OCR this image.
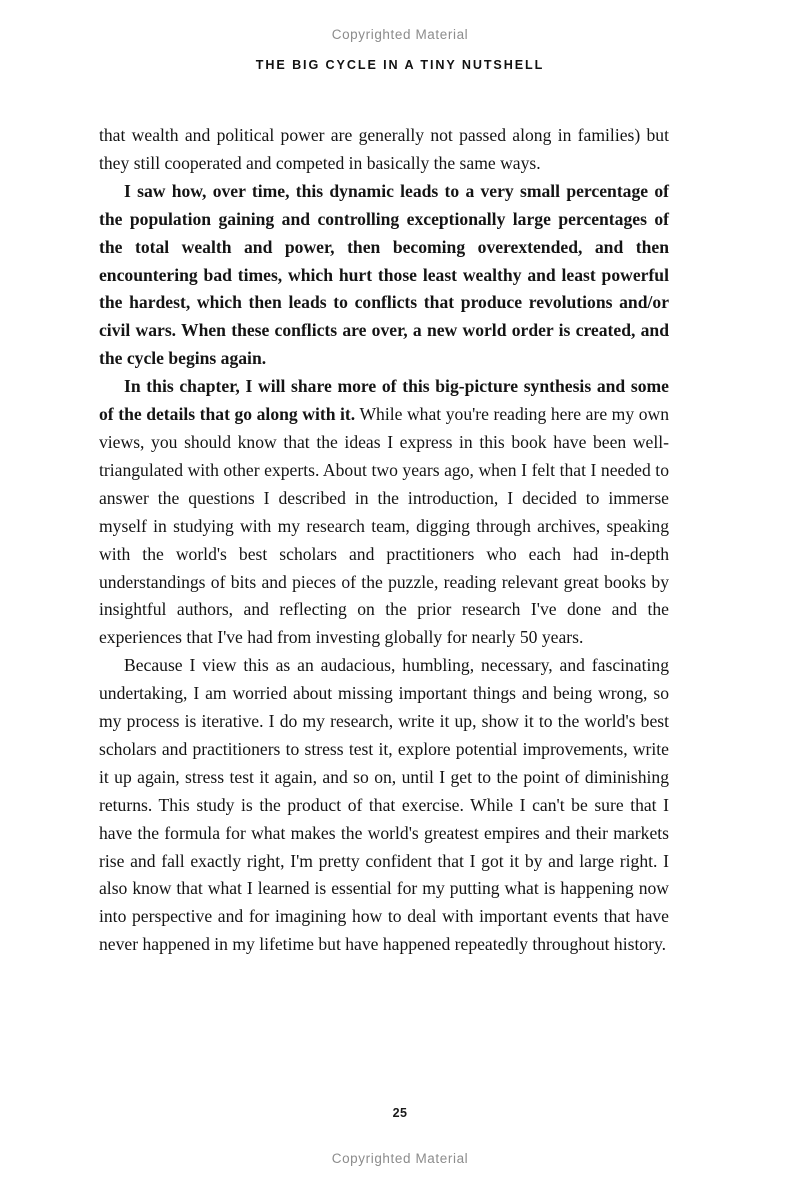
Copyrighted Material
THE BIG CYCLE IN A TINY NUTSHELL

that wealth and political power are generally not passed along in families) but they still cooperated and competed in basically the same ways.

I saw how, over time, this dynamic leads to a very small percentage of the population gaining and controlling exceptionally large percentages of the total wealth and power, then becoming overextended, and then encountering bad times, which hurt those least wealthy and least powerful the hardest, which then leads to conflicts that produce revolutions and/or civil wars. When these conflicts are over, a new world order is created, and the cycle begins again.

In this chapter, I will share more of this big-picture synthesis and some of the details that go along with it. While what you're reading here are my own views, you should know that the ideas I express in this book have been well-triangulated with other experts. About two years ago, when I felt that I needed to answer the questions I described in the introduction, I decided to immerse myself in studying with my research team, digging through archives, speaking with the world's best scholars and practitioners who each had in-depth understandings of bits and pieces of the puzzle, reading relevant great books by insightful authors, and reflecting on the prior research I've done and the experiences that I've had from investing globally for nearly 50 years.

Because I view this as an audacious, humbling, necessary, and fascinating undertaking, I am worried about missing important things and being wrong, so my process is iterative. I do my research, write it up, show it to the world's best scholars and practitioners to stress test it, explore potential improvements, write it up again, stress test it again, and so on, until I get to the point of diminishing returns. This study is the product of that exercise. While I can't be sure that I have the formula for what makes the world's greatest empires and their markets rise and fall exactly right, I'm pretty confident that I got it by and large right. I also know that what I learned is essential for my putting what is happening now into perspective and for imagining how to deal with important events that have never happened in my lifetime but have happened repeatedly throughout history.

25
Copyrighted Material
